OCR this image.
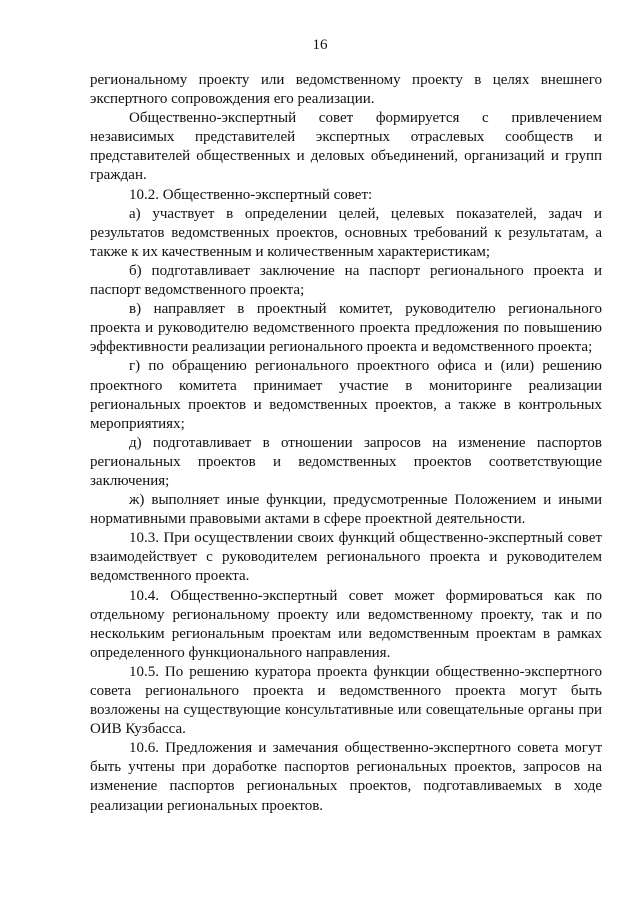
16

региональному проекту или ведомственному проекту в целях внешнего экспертного сопровождения его реализации.

Общественно-экспертный совет формируется с привлечением независимых представителей экспертных отраслевых сообществ и представителей общественных и деловых объединений, организаций и групп граждан.

10.2. Общественно-экспертный совет:

а) участвует в определении целей, целевых показателей, задач и результатов ведомственных проектов, основных требований к результатам, а также к их качественным и количественным характеристикам;

б) подготавливает заключение на паспорт регионального проекта и паспорт ведомственного проекта;

в) направляет в проектный комитет, руководителю регионального проекта и руководителю ведомственного проекта предложения по повышению эффективности реализации регионального проекта и ведомственного проекта;

г) по обращению регионального проектного офиса и (или) решению проектного комитета принимает участие в мониторинге реализации региональных проектов и ведомственных проектов, а также в контрольных мероприятиях;

д) подготавливает в отношении запросов на изменение паспортов региональных проектов и ведомственных проектов соответствующие заключения;

ж) выполняет иные функции, предусмотренные Положением и иными нормативными правовыми актами в сфере проектной деятельности.

10.3. При осуществлении своих функций общественно-экспертный совет взаимодействует с руководителем регионального проекта и руководителем ведомственного проекта.

10.4. Общественно-экспертный совет может формироваться как по отдельному региональному проекту или ведомственному проекту, так и по нескольким региональным проектам или ведомственным проектам в рамках определенного функционального направления.

10.5. По решению куратора проекта функции общественно-экспертного совета регионального проекта и ведомственного проекта могут быть возложены на существующие консультативные или совещательные органы при ОИВ Кузбасса.

10.6. Предложения и замечания общественно-экспертного совета могут быть учтены при доработке паспортов региональных проектов, запросов на изменение паспортов региональных проектов, подготавливаемых в ходе реализации региональных проектов.
